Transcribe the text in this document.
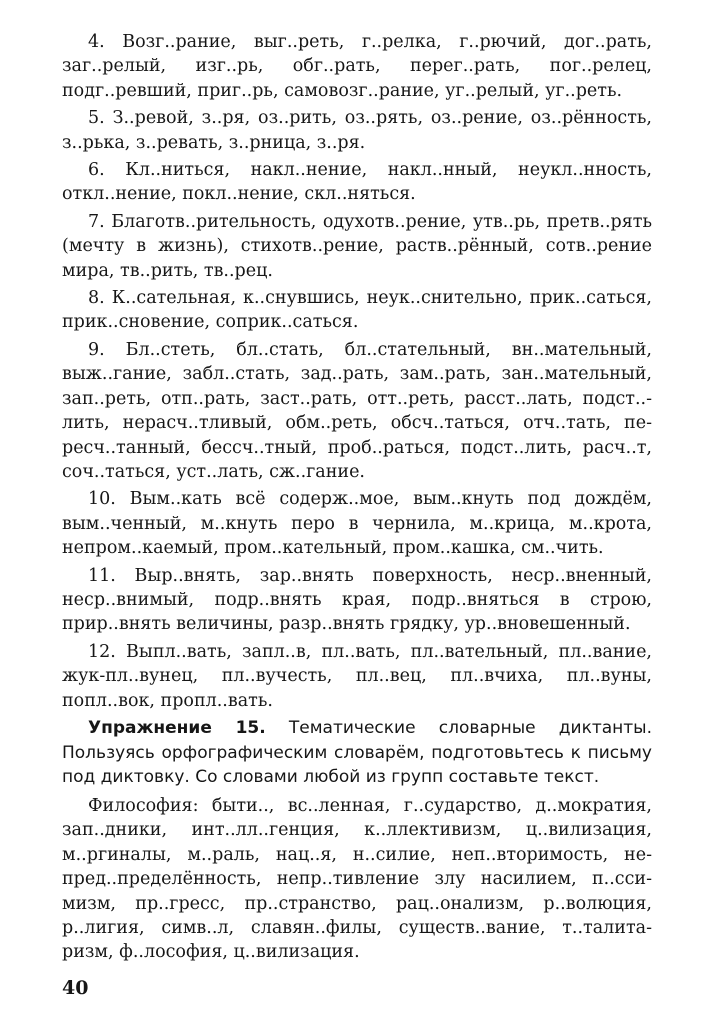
4. Возг..рание, выг..реть, г..релка, г..рючий, дог..рать, заг..релый, изг..рь, обг..рать, перег..рать, пог..релец, подг..ревший, приг..рь, самовозг..рание, уг..релый, уг..реть.

5. З..ревой, з..ря, оз..рить, оз..рять, оз..рение, оз..рённость, з..рька, з..ревать, з..рница, з..ря.

6. Кл..ниться, накл..нение, накл..нный, неукл..нность, откл..нение, покл..нение, скл..няться.

7. Благотв..рительность, одухотв..рение, утв..рь, претв..рять (мечту в жизнь), стихотв..рение, раств..рённый, сотв..рение мира, тв..рить, тв..рец.

8. К..сательная, к..снувшись, неук..снительно, прик..саться, прик..сновение, соприк..саться.

9. Бл..стеть, бл..стать, бл..стательный, вн..мательный, выж..гание, забл..стать, зад..рать, зам..рать, зан..мательный, зап..реть, отп..рать, заст..рать, отт..реть, расст..лать, подст..лить, нерасч..тливый, обм..реть, обсч..таться, отч..тать, пересч..танный, бессч..тный, проб..раться, подст..лить, расч..т, соч..таться, уст..лать, сж..гание.

10. Вым..кать всё содерж..мое, вым..кнуть под дождём, вым..ченный, м..кнуть перо в чернила, м..крица, м..крота, непром..каемый, пром..кательный, пром..кашка, см..чить.

11. Выр..внять, зар..внять поверхность, неср..вненный, неср..внимый, подр..внять края, подр..вняться в строю, прир..внять величины, разр..внять грядку, ур..вновешенный.

12. Выпл..вать, запл..в, пл..вать, пл..вательный, пл..вание, жук-пл..вунец, пл..вучесть, пл..вец, пл..вчиха, пл..вуны, попл..вок, пропл..вать.

Упражнение 15. Тематические словарные диктанты. Пользуясь орфографическим словарём, подготовьтесь к письму под диктовку. Со словами любой из групп составьте текст.

Философия: быти.., вс..ленная, г..сударство, д..мократия, зап..дники, инт..лл..генция, к..ллективизм, ц..вилизация, м..ргиналы, м..раль, нац..я, н..силие, неп..вторимость, непред..пределённость, непр..тивление злу насилием, п..ссимизм, пр..гресс, пр..странство, рац..онализм, р..волюция, р..лигия, симв..л, славян..филы, существ..вание, т..талитаризм, ф..лософия, ц..вилизация.

40
